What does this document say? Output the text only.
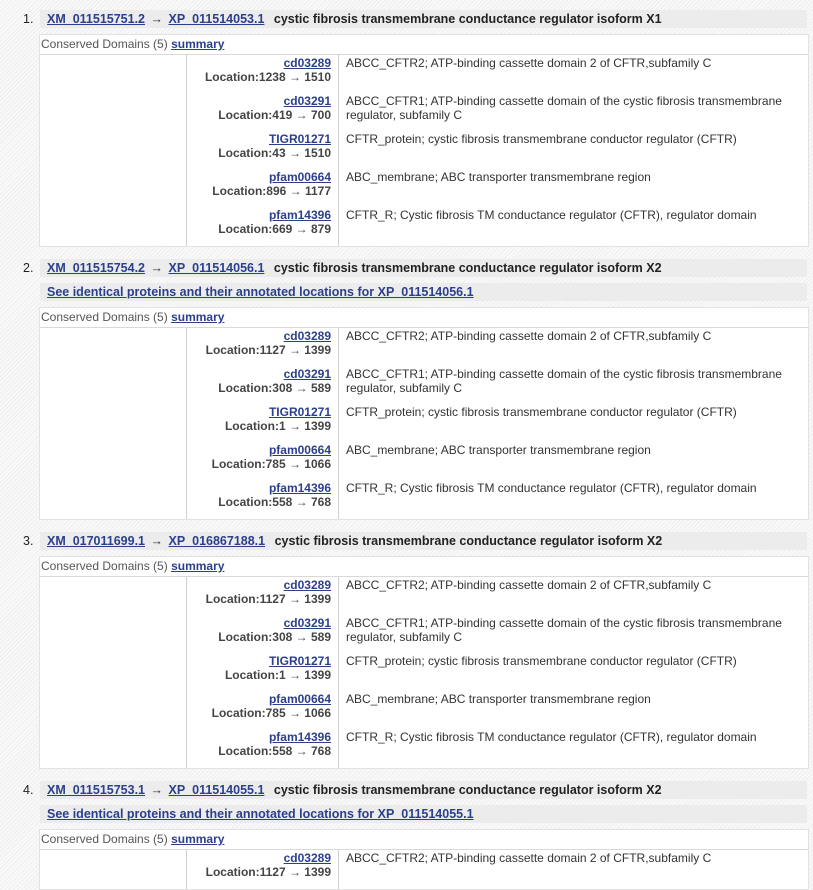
1. XM_011515751.2 → XP_011514053.1 cystic fibrosis transmembrane conductance regulator isoform X1
Conserved Domains (5) summary
cd03289
Location:1238 → 1510
cd03291
Location:419 → 700
TIGR01271
Location:43 → 1510
pfam00664
Location:896 → 1177
pfam14396
Location:669 → 879
ABCC_CFTR2; ATP-binding cassette domain 2 of CFTR,subfamily C
ABCC_CFTR1; ATP-binding cassette domain of the cystic fibrosis transmembrane regulator, subfamily C
CFTR_protein; cystic fibrosis transmembrane conductor regulator (CFTR)
ABC_membrane; ABC transporter transmembrane region
CFTR_R; Cystic fibrosis TM conductance regulator (CFTR), regulator domain
2. XM_011515754.2 → XP_011514056.1 cystic fibrosis transmembrane conductance regulator isoform X2
See identical proteins and their annotated locations for XP_011514056.1
Conserved Domains (5) summary
cd03289
Location:1127 → 1399
cd03291
Location:308 → 589
TIGR01271
Location:1 → 1399
pfam00664
Location:785 → 1066
pfam14396
Location:558 → 768
ABCC_CFTR2; ATP-binding cassette domain 2 of CFTR,subfamily C
ABCC_CFTR1; ATP-binding cassette domain of the cystic fibrosis transmembrane regulator, subfamily C
CFTR_protein; cystic fibrosis transmembrane conductor regulator (CFTR)
ABC_membrane; ABC transporter transmembrane region
CFTR_R; Cystic fibrosis TM conductance regulator (CFTR), regulator domain
3. XM_017011699.1 → XP_016867188.1 cystic fibrosis transmembrane conductance regulator isoform X2
Conserved Domains (5) summary
cd03289
Location:1127 → 1399
cd03291
Location:308 → 589
TIGR01271
Location:1 → 1399
pfam00664
Location:785 → 1066
pfam14396
Location:558 → 768
ABCC_CFTR2; ATP-binding cassette domain 2 of CFTR,subfamily C
ABCC_CFTR1; ATP-binding cassette domain of the cystic fibrosis transmembrane regulator, subfamily C
CFTR_protein; cystic fibrosis transmembrane conductor regulator (CFTR)
ABC_membrane; ABC transporter transmembrane region
CFTR_R; Cystic fibrosis TM conductance regulator (CFTR), regulator domain
4. XM_011515753.1 → XP_011514055.1 cystic fibrosis transmembrane conductance regulator isoform X2
See identical proteins and their annotated locations for XP_011514055.1
Conserved Domains (5) summary
cd03289
Location:1127 → 1399
ABCC_CFTR2; ATP-binding cassette domain 2 of CFTR,subfamily C
